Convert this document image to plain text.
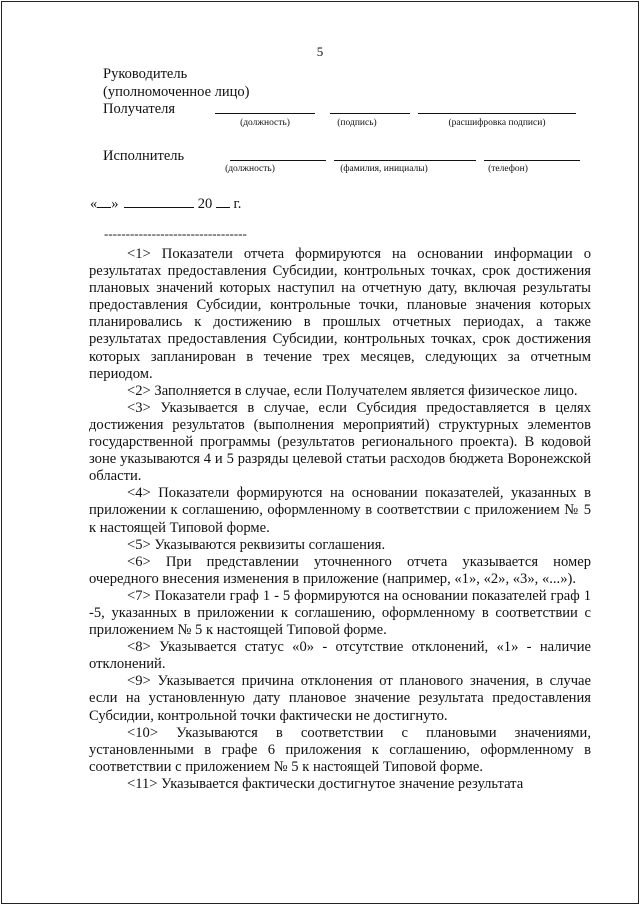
5
Руководитель
(уполномоченное лицо)
Получателя
(должность)	(подпись)	(расшифровка подписи)
Исполнитель
(должность)	(фамилия, инициалы)	(телефон)
« »	20 г.
---------------------------------

<1> Показатели отчета формируются на основании информации о результатах предоставления Субсидии, контрольных точках, срок достижения плановых значений которых наступил на отчетную дату, включая результаты предоставления Субсидии, контрольные точки, плановые значения которых планировались к достижению в прошлых отчетных периодах, а также результатах предоставления Субсидии, контрольных точках, срок достижения которых запланирован в течение трех месяцев, следующих за отчетным периодом.

<2> Заполняется в случае, если Получателем является физическое лицо.

<3> Указывается в случае, если Субсидия предоставляется в целях достижения результатов (выполнения мероприятий) структурных элементов государственной программы (результатов регионального проекта). В кодовой зоне указываются 4 и 5 разряды целевой статьи расходов бюджета Воронежской области.

<4> Показатели формируются на основании показателей, указанных в приложении к соглашению, оформленному в соответствии с приложением № 5 к настоящей Типовой форме.

<5> Указываются реквизиты соглашения.

<6> При представлении уточненного отчета указывается номер очередного внесения изменения в приложение (например, «1», «2», «3», «...»).

<7> Показатели граф 1 - 5 формируются на основании показателей граф 1 -5, указанных в приложении к соглашению, оформленному в соответствии с приложением № 5 к настоящей Типовой форме.

<8> Указывается статус «0» - отсутствие отклонений, «1» - наличие отклонений.

<9> Указывается причина отклонения от планового значения, в случае если на установленную дату плановое значение результата предоставления Субсидии, контрольной точки фактически не достигнуто.

<10> Указываются в соответствии с плановыми значениями, установленными в графе 6 приложения к соглашению, оформленному в соответствии с приложением № 5 к настоящей Типовой форме.

<11> Указывается фактически достигнутое значение результата
